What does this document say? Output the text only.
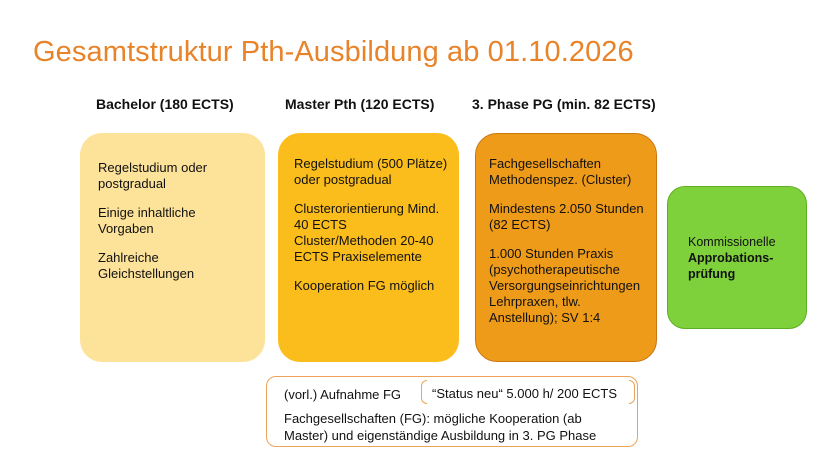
Gesamtstruktur Pth-Ausbildung ab 01.10.2026
Bachelor (180 ECTS)	Master Pth (120 ECTS)	3. Phase PG (min. 82 ECTS)

Regelstudium oder postgradual

Einige inhaltliche Vorgaben

Zahlreiche Gleichstellungen

Regelstudium (500 Plätze) oder postgradual

Clusterorientierung Mind. 40 ECTS Cluster/Methoden 20-40 ECTS Praxiselemente

Kooperation FG möglich

Fachgesellschaften Methodenspez. (Cluster)

Mindestens 2.050 Stunden (82 ECTS)

1.000 Stunden Praxis (psychotherapeutische Versorgungseinrichtungen Lehrpraxen, tlw. Anstellung); SV 1:4

Kommissionelle
Approbations-prüfung
(vorl.) Aufnahme FG	“Status neu“ 5.000 h/ 200 ECTS
Fachgesellschaften (FG): mögliche Kooperation (ab Master) und eigenständige Ausbildung in 3. PG Phase
